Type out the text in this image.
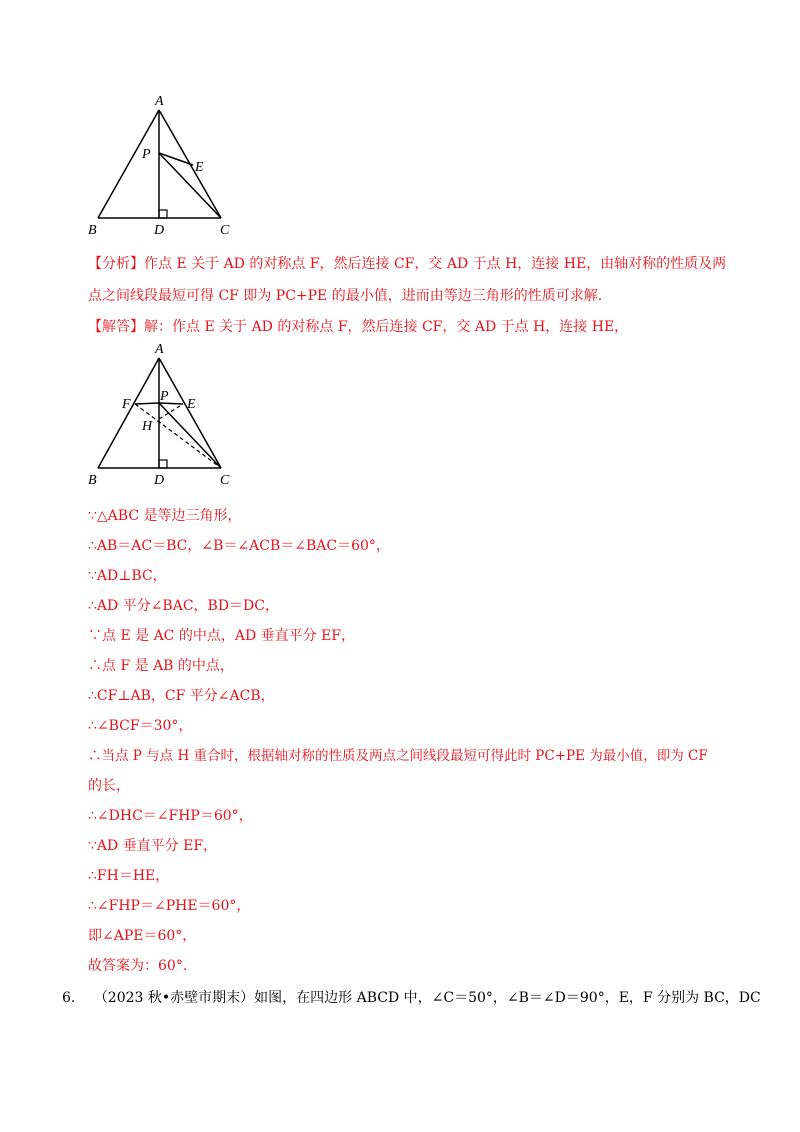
A
P
E
B	D	C
【分析】作点 E 关于 AD 的对称点 F，然后连接 CF，交 AD 于点 H，连接 HE，由轴对称的性质及两点之间线段最短可得 CF 即为 PC+PE 的最小值，进而由等边三角形的性质可求解.
【解答】解：作点 E 关于 AD 的对称点 F，然后连接 CF，交 AD 于点 H，连接 HE，
A
P
F	E
H
B	D	C
∵△ABC 是等边三角形，
∴AB＝AC＝BC，∠B＝∠ACB＝∠BAC＝60°，
∵AD⊥BC，
∴AD 平分∠BAC，BD＝DC，
∵点 E 是 AC 的中点，AD 垂直平分 EF，
∴点 F 是 AB 的中点，
∴CF⊥AB，CF 平分∠ACB，
∴∠BCF＝30°，
∴当点 P 与点 H 重合时，根据轴对称的性质及两点之间线段最短可得此时 PC+PE 为最小值，即为 CF
的长，
∴∠DHC＝∠FHP＝60°，
∵AD 垂直平分 EF，
∴FH＝HE，
∴∠FHP＝∠PHE＝60°，
即∠APE＝60°，
故答案为：60°.
6. （2023 秋•赤壁市期末）如图，在四边形 ABCD 中，∠C＝50°，∠B＝∠D＝90°，E，F 分别为 BC，DC
